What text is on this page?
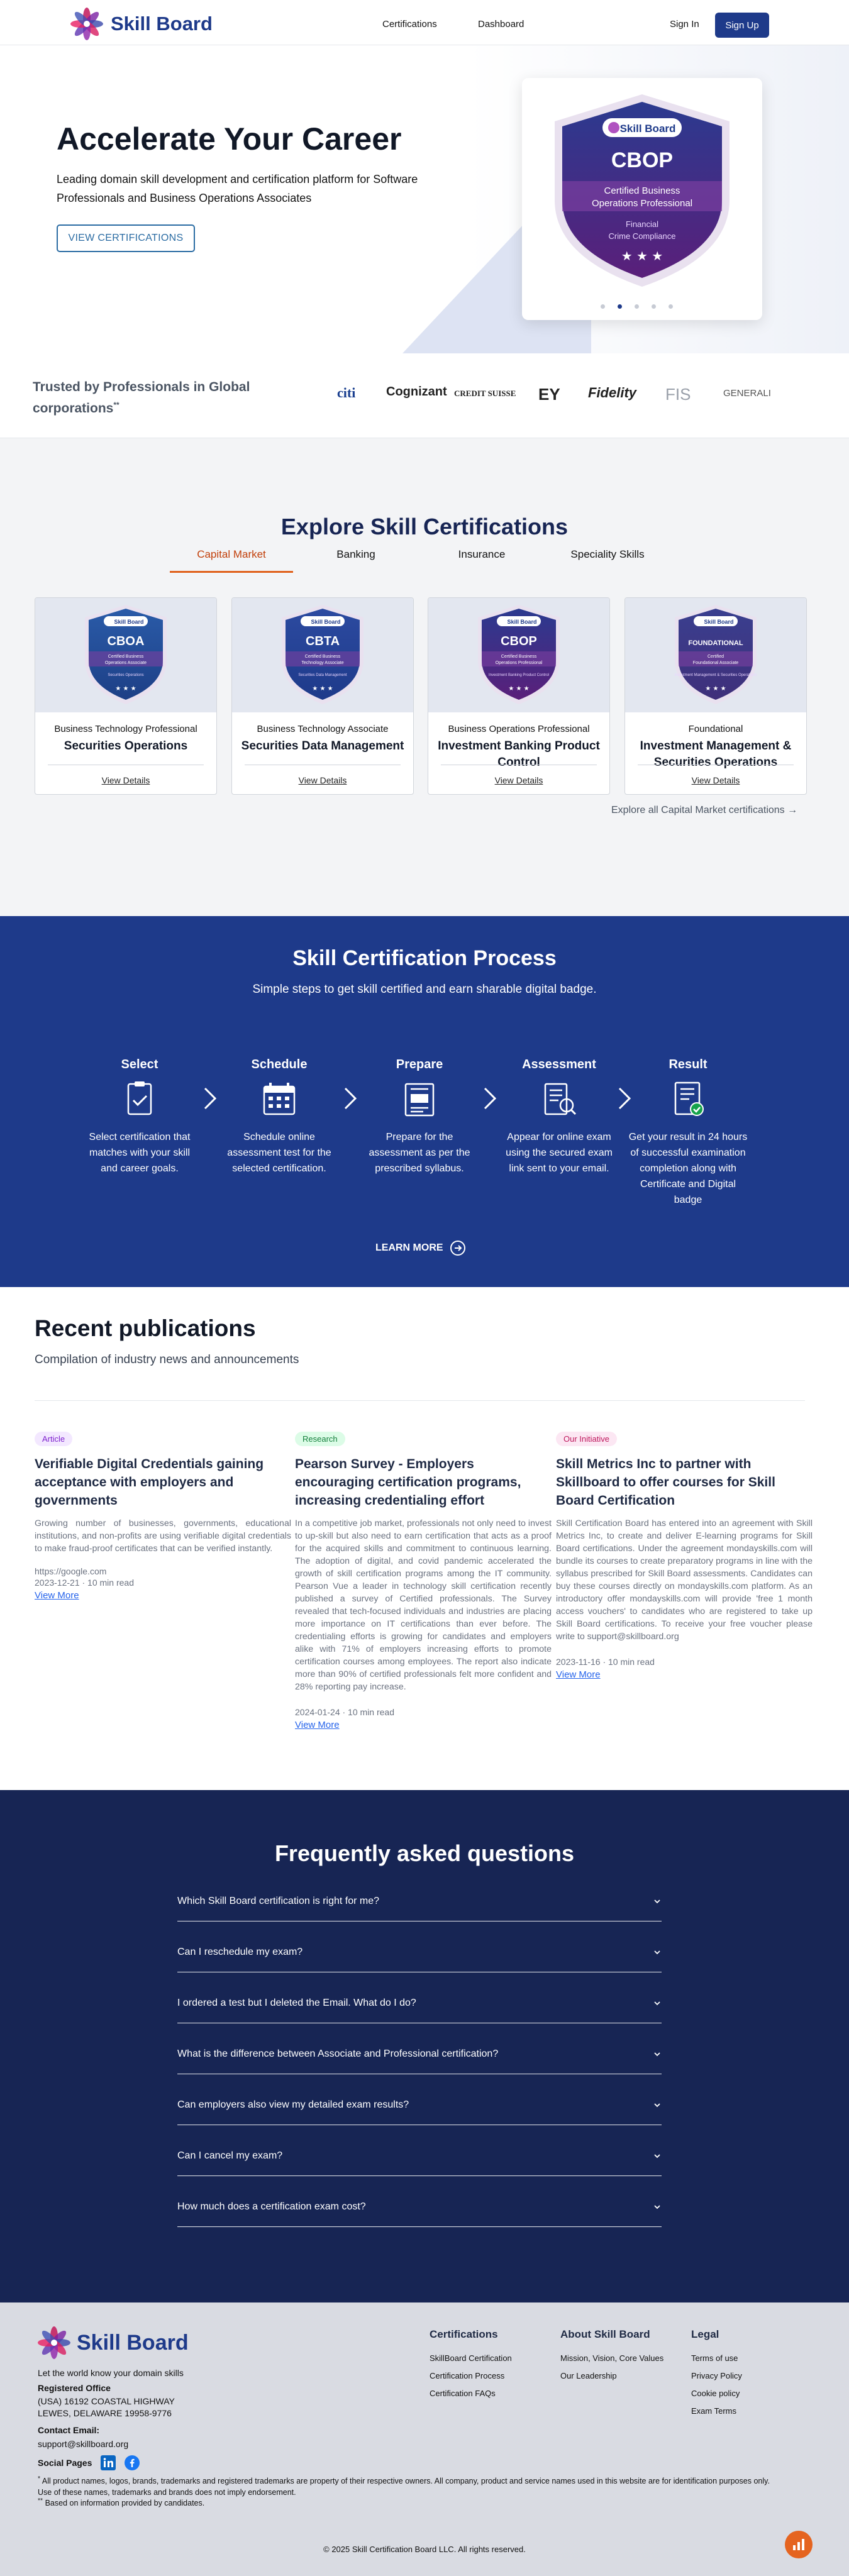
Skill Board	Certifications	Dashboard	Sign In	Sign Up
Accelerate Your Career

Leading domain skill development and certification platform for Software Professionals and Business Operations Associates

VIEW CERTIFICATIONS
Skill Board
CBOP
Certified Business
Operations Professional
Financial
Crime Compliance
★ ★ ★
Trusted by Professionals in Global corporations**
citi Cognizant CREDIT SUISSE EY Fidelity FIS	GENERALI
Explore Skill Certifications
Capital Market	Banking	Insurance	Speciality Skills
Skill Board
CBOA
Certified Business
Operations Associate
Securities Operations
★ ★ ★
Business Technology Professional
Securities Operations
View Details
Skill Board
CBTA
Certified Business
Technology Associate
Securities Data Management
★ ★ ★
Business Technology Associate
Securities Data Management
View Details
Skill Board
CBOP
Certified Business
Operations Professional
Investment Banking Product Control
★ ★ ★
Business Operations Professional
Investment Banking Product Control
View Details
Skill Board
FOUNDATIONAL
Certified
Foundational Associate
Investment Management & Securities Operations
★ ★ ★
Foundational
Investment Management & Securities Operations
View Details
Explore all Capital Market certifications →
Skill Certification Process

Simple steps to get skill certified and earn sharable digital badge.

Select
Select certification that matches with your skill and career goals.
Schedule
Schedule online assessment test for the selected certification.
Prepare
Prepare for the assessment as per the prescribed syllabus.
Assessment
Appear for online exam using the secured exam link sent to your email.
Result
Get your result in 24 hours of successful examination completion along with Certificate and Digital badge
LEARN MORE
Recent publications

Compilation of industry news and announcements

Article
Verifiable Digital Credentials gaining acceptance with employers and governments
Growing number of businesses, governments, educational institutions, and non-profits are using verifiable digital credentials to make fraud-proof certificates that can be verified instantly.
https://google.com
2023-12-21 · 10 min read
View More
Research
Pearson Survey - Employers encouraging certification programs, increasing credentialing effort
In a competitive job market, professionals not only need to invest to up-skill but also need to earn certification that acts as a proof for the acquired skills and commitment to continuous learning. The adoption of digital, and covid pandemic accelerated the growth of skill certification programs among the IT community. Pearson Vue a leader in technology skill certification recently published a survey of Certified professionals. The Survey revealed that tech-focused individuals and industries are placing more importance on IT certifications than ever before. The credentialing efforts is growing for candidates and employers alike with 71% of employers increasing efforts to promote certification courses among employees. The report also indicate more than 90% of certified professionals felt more confident and 28% reporting pay increase.
2024-01-24 · 10 min read
View More
Our Initiative
Skill Metrics Inc to partner with Skillboard to offer courses for Skill Board Certification
Skill Certification Board has entered into an agreement with Skill Metrics Inc, to create and deliver E-learning programs for Skill Board certifications. Under the agreement mondayskills.com will bundle its courses to create preparatory programs in line with the syllabus prescribed for Skill Board assessments. Candidates can buy these courses directly on mondayskills.com platform. As an introductory offer mondayskills.com will provide 'free 1 month access vouchers' to candidates who are registered to take up Skill Board certifications. To receive your free voucher please write to support@skillboard.org
2023-11-16 · 10 min read
View More
Frequently asked questions
Which Skill Board certification is right for me?
Can I reschedule my exam?
I ordered a test but I deleted the Email. What do I do?
What is the difference between Associate and Professional certification?
Can employers also view my detailed exam results?
Can I cancel my exam?
How much does a certification exam cost?
Skill Board
Let the world know your domain skills
Registered Office
(USA) 16192 COASTAL HIGHWAY
LEWES, DELAWARE 19958-9776
Contact Email:
support@skillboard.org
Social Pages
* All product names, logos, brands, trademarks and registered trademarks are property of their respective owners. All company, product and service names used in this website are for identification purposes only. Use of these names, trademarks and brands does not imply endorsement.
** Based on information provided by candidates.
Certifications
SkillBoard Certification
Certification Process
Certification FAQs
About Skill Board
Mission, Vision, Core Values
Our Leadership
Legal
Terms of use
Privacy Policy
Cookie policy
Exam Terms
© 2025 Skill Certification Board LLC. All rights reserved.
